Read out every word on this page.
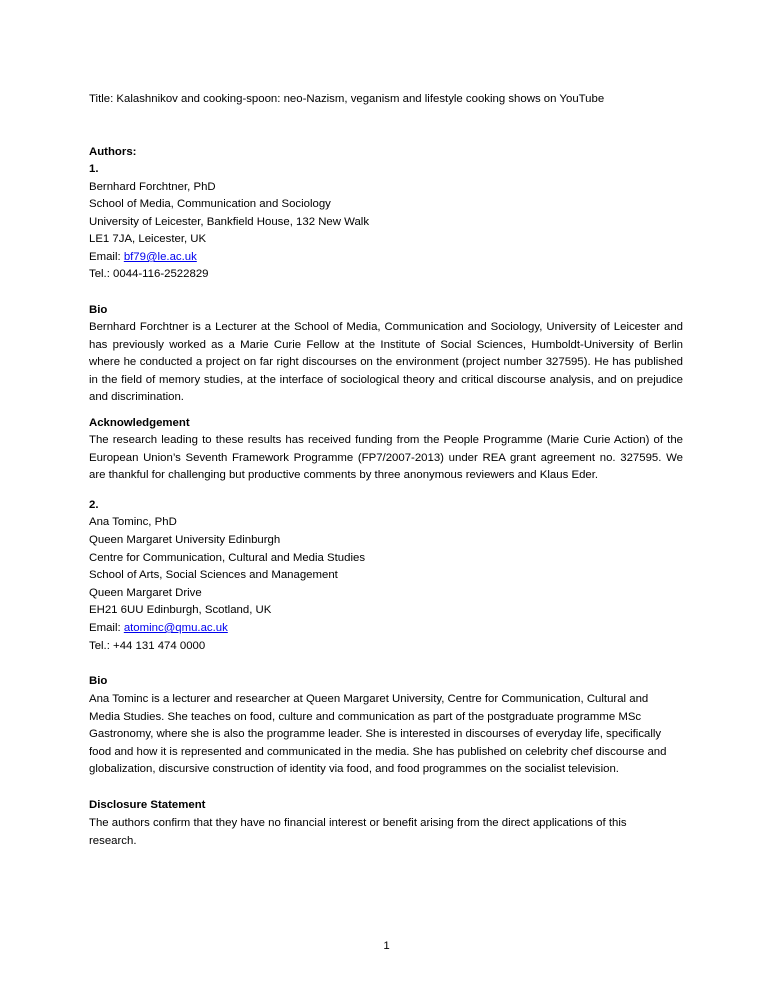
Title: Kalashnikov and cooking-spoon: neo-Nazism, veganism and lifestyle cooking shows on YouTube

Authors:

1.

Bernhard Forchtner, PhD

School of Media, Communication and Sociology

University of Leicester, Bankfield House, 132 New Walk

LE1 7JA, Leicester, UK

Email: bf79@le.ac.uk

Tel.: 0044-116-2522829

Bio

Bernhard Forchtner is a Lecturer at the School of Media, Communication and Sociology, University of Leicester and has previously worked as a Marie Curie Fellow at the Institute of Social Sciences, Humboldt-University of Berlin where he conducted a project on far right discourses on the environment (project number 327595). He has published in the field of memory studies, at the interface of sociological theory and critical discourse analysis, and on prejudice and discrimination.

Acknowledgement

The research leading to these results has received funding from the People Programme (Marie Curie Action) of the European Union’s Seventh Framework Programme (FP7/2007-2013) under REA grant agreement no. 327595. We are thankful for challenging but productive comments by three anonymous reviewers and Klaus Eder.

2.

Ana Tominc, PhD

Queen Margaret University Edinburgh

Centre for Communication, Cultural and Media Studies

School of Arts, Social Sciences and Management

Queen Margaret Drive

EH21 6UU Edinburgh, Scotland, UK

Email: atominc@qmu.ac.uk

Tel.: +44 131 474 0000

Bio

Ana Tominc is a lecturer and researcher at Queen Margaret University, Centre for Communication, Cultural and
Media Studies. She teaches on food, culture and communication as part of the postgraduate programme MSc
Gastronomy, where she is also the programme leader. She is interested in discourses of everyday life, specifically
food and how it is represented and communicated in the media. She has published on celebrity chef discourse and
globalization, discursive construction of identity via food, and food programmes on the socialist television.

Disclosure Statement

The authors confirm that they have no financial interest or benefit arising from the direct applications of this
research.

1
